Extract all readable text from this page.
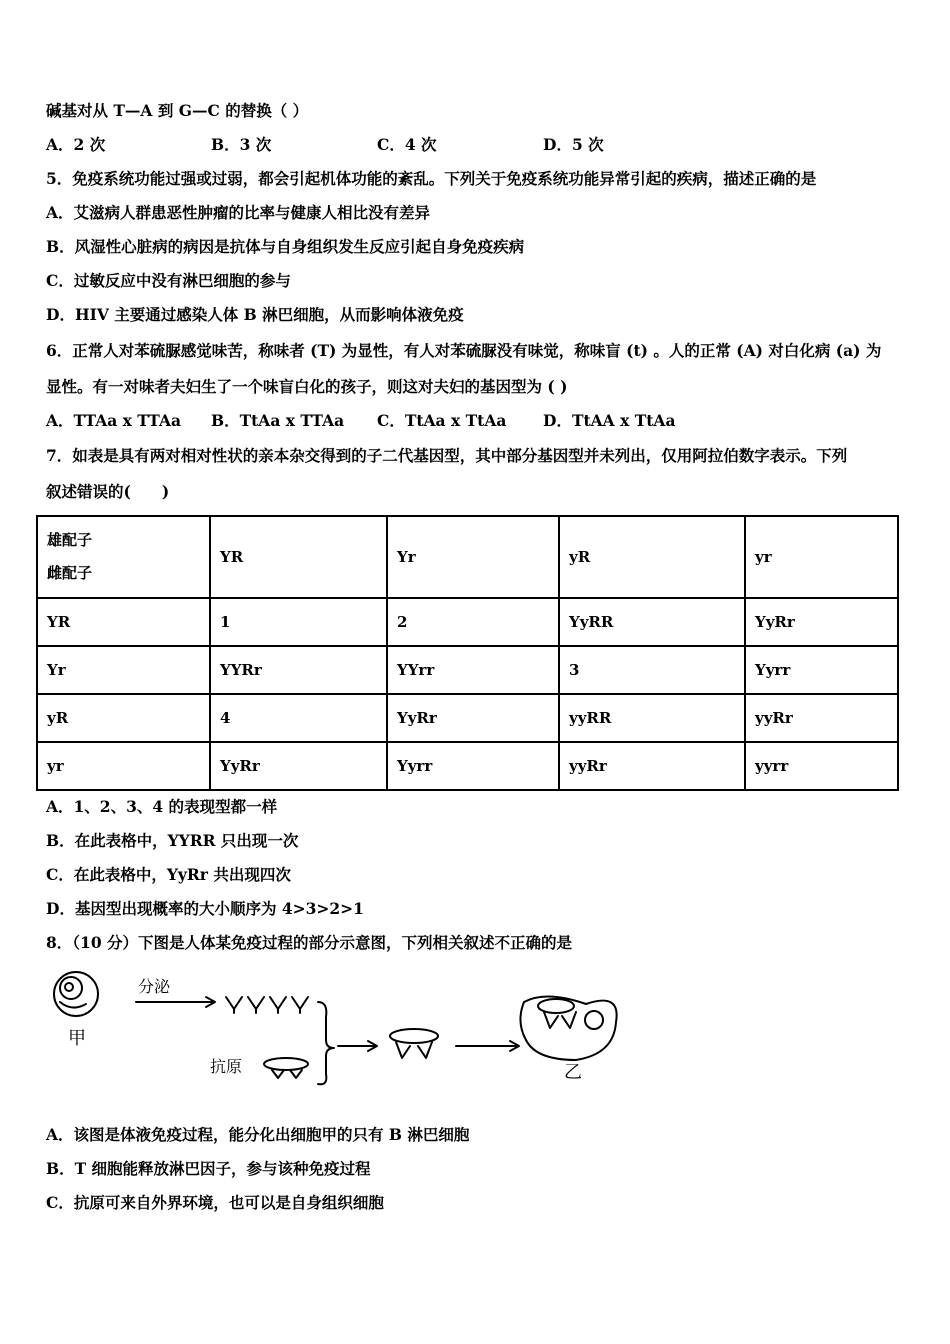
碱基对从 T—A 到 G—C 的替换（ ）
A．2 次	B．3 次	C．4 次	D．5 次
5．免疫系统功能过强或过弱，都会引起机体功能的紊乱。下列关于免疫系统功能异常引起的疾病，描述正确的是
A．艾滋病人群患恶性肿瘤的比率与健康人相比没有差异
B．风湿性心脏病的病因是抗体与自身组织发生反应引起自身免疫疾病
C．过敏反应中没有淋巴细胞的参与
D．HIV 主要通过感染人体 B 淋巴细胞，从而影响体液免疫
6．正常人对苯硫脲感觉味苦，称味者 (T) 为显性，有人对苯硫脲没有味觉，称味盲 (t) 。人的正常 (A) 对白化病 (a) 为
显性。有一对味者夫妇生了一个味盲白化的孩子，则这对夫妇的基因型为 ( )
A．TTAa x TTAa B．TtAa x TTAa C．TtAa x TtAa D．TtAA x TtAa
7．如表是具有两对相对性状的亲本杂交得到的子二代基因型，其中部分基因型并未列出，仅用阿拉伯数字表示。下列
叙述错误的(　　)
雄配子
雌配子	YR	Yr	yR	yr
YR	1	2	YyRR	YyRr
Yr	YYRr	YYrr	3	Yyrr
yR	4	YyRr	yyRR	yyRr
yr	YyRr	Yyrr	yyRr	yyrr
A．1、2、3、4 的表现型都一样
B．在此表格中，YYRR 只出现一次
C．在此表格中，YyRr 共出现四次
D．基因型出现概率的大小顺序为 4>3>2>1
8．（10 分）下图是人体某免疫过程的部分示意图，下列相关叙述不正确的是
分泌
抗原
甲
乙
A．该图是体液免疫过程，能分化出细胞甲的只有 B 淋巴细胞
B．T 细胞能释放淋巴因子，参与该种免疫过程
C．抗原可来自外界环境，也可以是自身组织细胞
